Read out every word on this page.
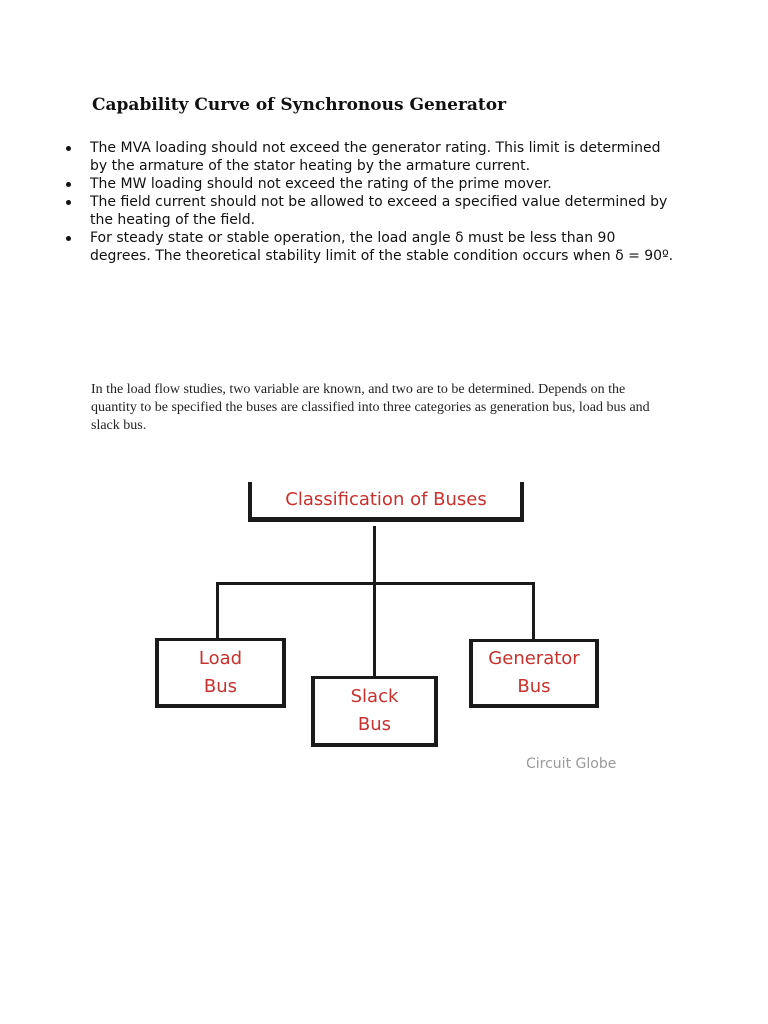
Capability Curve of Synchronous Generator
The MVA loading should not exceed the generator rating. This limit is determined by the armature of the stator heating by the armature current.
The MW loading should not exceed the rating of the prime mover.
The field current should not be allowed to exceed a specified value determined by the heating of the field.
For steady state or stable operation, the load angle δ must be less than 90 degrees. The theoretical stability limit of the stable condition occurs when δ = 90º.

In the load flow studies, two variable are known, and two are to be determined. Depends on the quantity to be specified the buses are classified into three categories as generation bus, load bus and slack bus.

Classification of Buses
Load
Bus	Slack
Bus
Generator
Bus
Circuit Globe
